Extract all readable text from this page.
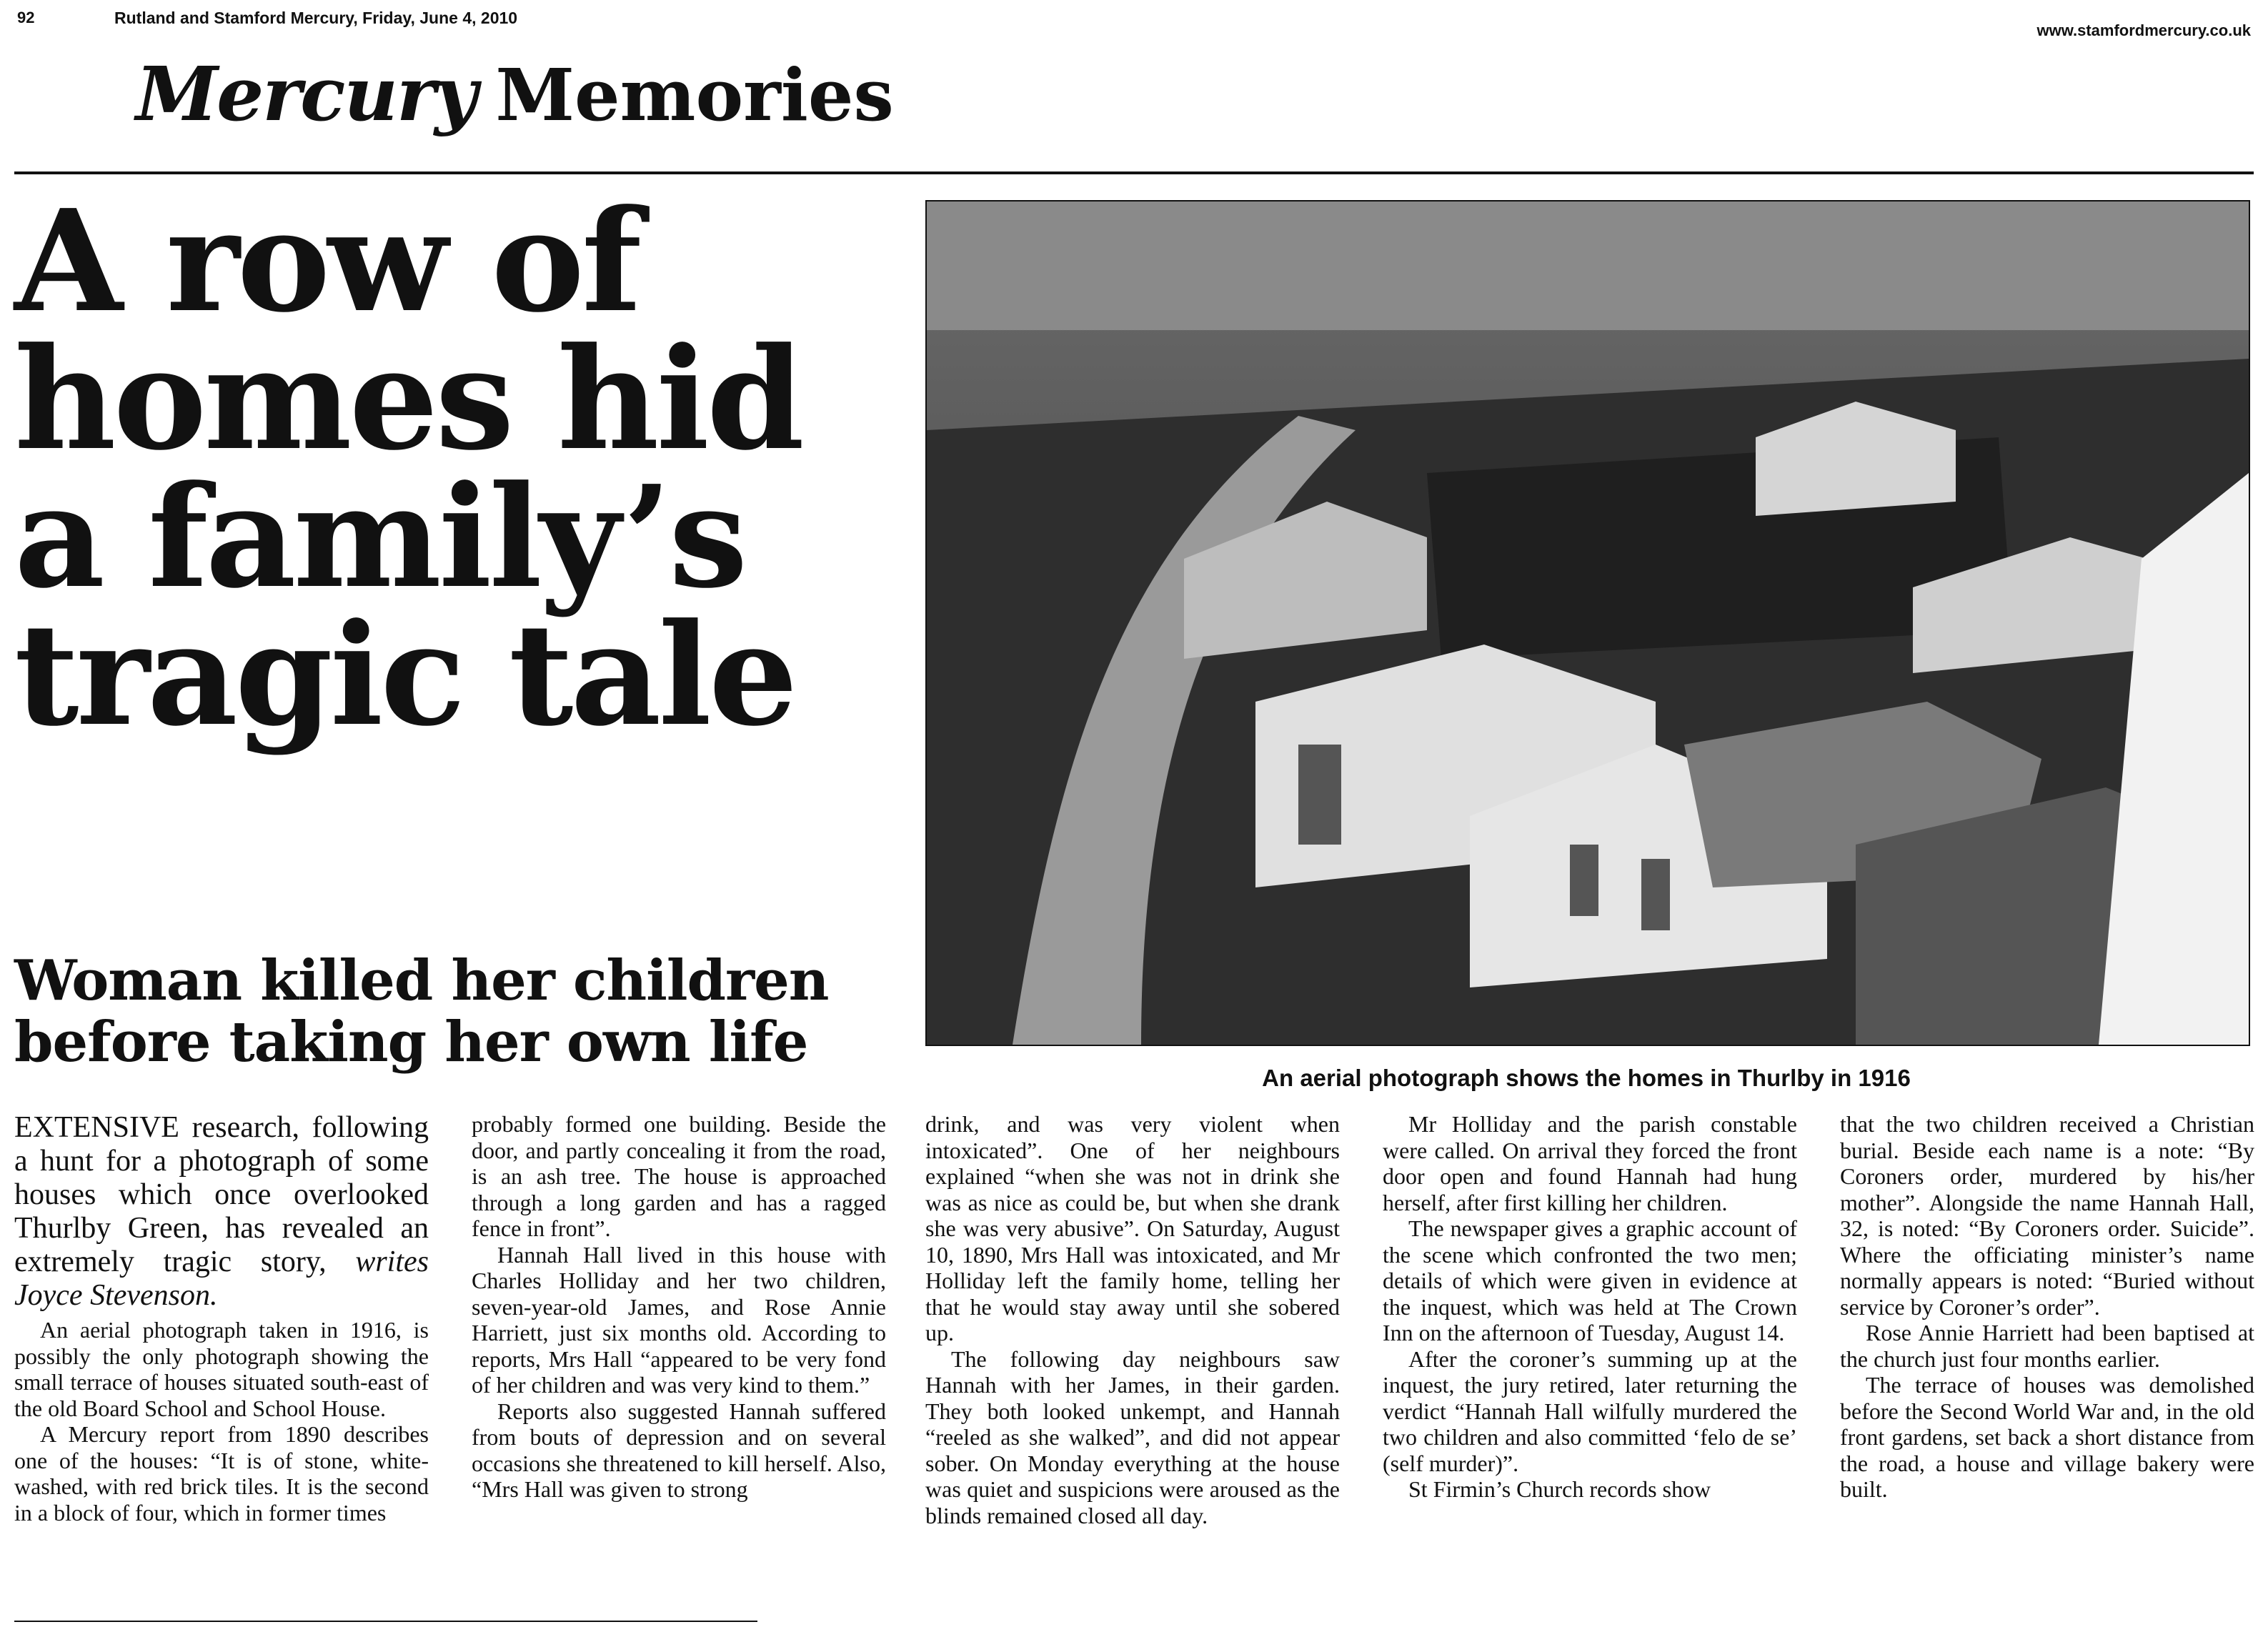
92	Rutland and Stamford Mercury, Friday, June 4, 2010
www.stamfordmercury.co.uk
Mercury Memories
A row of
homes hid
a family’s
tragic tale
Woman killed her children
before taking her own life
An aerial photograph shows the homes in Thurlby in 1916

EXTENSIVE research, following a hunt for a photograph of some houses which once overlooked Thurlby Green, has revealed an extremely tragic story, writes Joyce Stevenson.

An aerial photograph taken in 1916, is possibly the only photograph showing the small terrace of houses situated south-east of the old Board School and School House.

A Mercury report from 1890 describes one of the houses: “It is of stone, white-washed, with red brick tiles. It is the second in a block of four, which in former times

probably formed one building. Beside the door, and partly concealing it from the road, is an ash tree. The house is approached through a long garden and has a ragged fence in front”.

Hannah Hall lived in this house with Charles Holliday and her two children, seven-year-old James, and Rose Annie Harriett, just six months old. According to reports, Mrs Hall “appeared to be very fond of her children and was very kind to them.”

Reports also suggested Hannah suffered from bouts of depression and on several occasions she threatened to kill herself. Also, “Mrs Hall was given to strong

drink, and was very violent when intoxicated”. One of her neighbours explained “when she was not in drink she was as nice as could be, but when she drank she was very abusive”. On Saturday, August 10, 1890, Mrs Hall was intoxicated, and Mr Holliday left the family home, telling her that he would stay away until she sobered up.

The following day neighbours saw Hannah with her James, in their garden. They both looked unkempt, and Hannah “reeled as she walked”, and did not appear sober. On Monday everything at the house was quiet and suspicions were aroused as the blinds remained closed all day.

Mr Holliday and the parish constable were called. On arrival they forced the front door open and found Hannah had hung herself, after first killing her children.

The newspaper gives a graphic account of the scene which confronted the two men; details of which were given in evidence at the inquest, which was held at The Crown Inn on the afternoon of Tuesday, August 14.

After the coroner’s summing up at the inquest, the jury retired, later returning the verdict “Hannah Hall wilfully murdered the two children and also committed ‘felo de se’ (self murder)”.

St Firmin’s Church records show

that the two children received a Christian burial. Beside each name is a note: “By Coroners order, murdered by his/her mother”. Alongside the name Hannah Hall, 32, is noted: “By Coroners order. Suicide”. Where the officiating minister’s name normally appears is noted: “Buried without service by Coroner’s order”.

Rose Annie Harriett had been baptised at the church just four months earlier.

The terrace of houses was demolished before the Second World War and, in the old front gardens, set back a short distance from the road, a house and village bakery were built.
